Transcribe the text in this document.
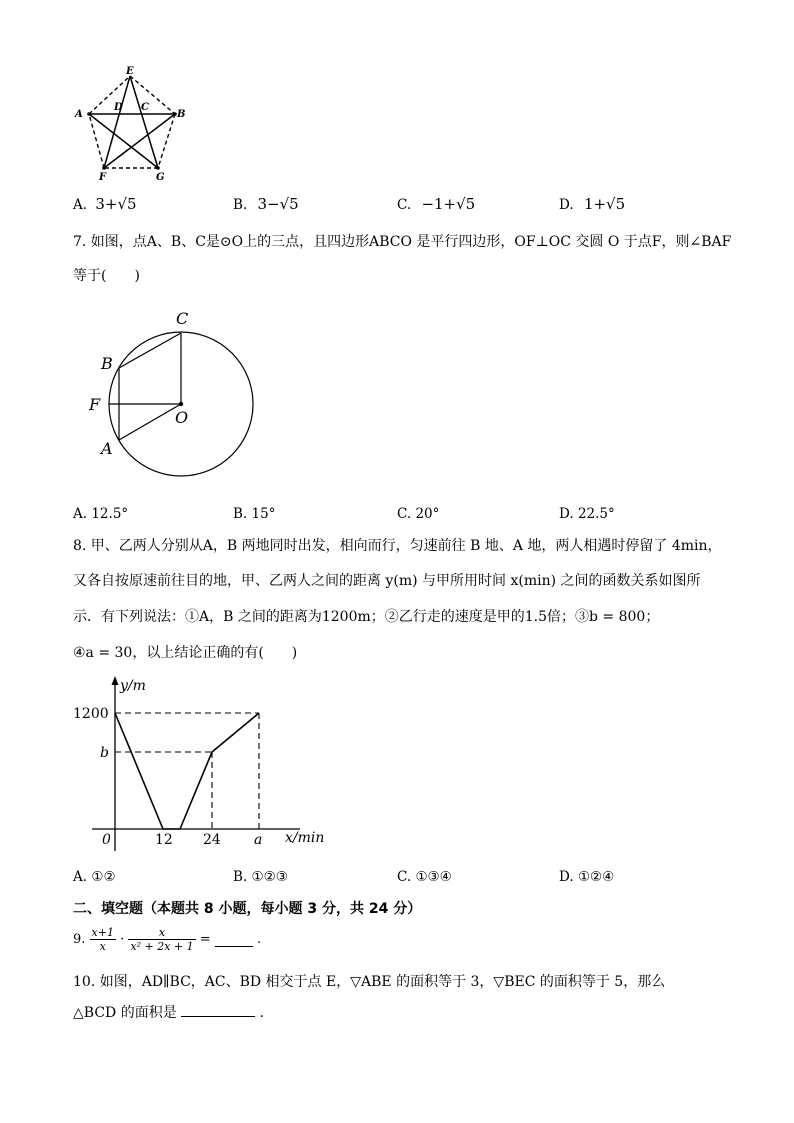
E
D C
A	B
F	G
A. 3+√5	B. 3−√5	C. −1+√5	D. 1+√5
7. 如图，点A、B、C是⊙O上的三点，且四边形ABCO 是平行四边形，OF⊥OC 交圆 O 于点F，则∠BAF
等于(　　)
C
B
F
O
A
A. 12.5°	B. 15°	C. 20°	D. 22.5°
8. 甲、乙两人分别从A，B 两地同时出发，相向而行，匀速前往 B 地、A 地，两人相遇时停留了 4min，
又各自按原速前往目的地，甲、乙两人之间的距离 y(m) 与甲所用时间 x(min) 之间的函数关系如图所
示．有下列说法：①A，B 之间的距离为1200m；②乙行走的速度是甲的1.5倍；③b = 800；
④a = 30，以上结论正确的有(　　)
y/m
x/min
1200
b
0	12 24 a
A. ①②	B. ①②③	C. ①③④	D. ①②④
二、填空题（本题共 8 小题，每小题 3 分，共 24 分）
9. $\frac{x+1}{x} \cdot \frac{x}{\text{x² + 2x + 1}}$ =	.
10. 如图，AD∥BC，AC、BD 相交于点 E，▽ABE 的面积等于 3，▽BEC 的面积等于 5，那么
△BCD 的面积是	.
